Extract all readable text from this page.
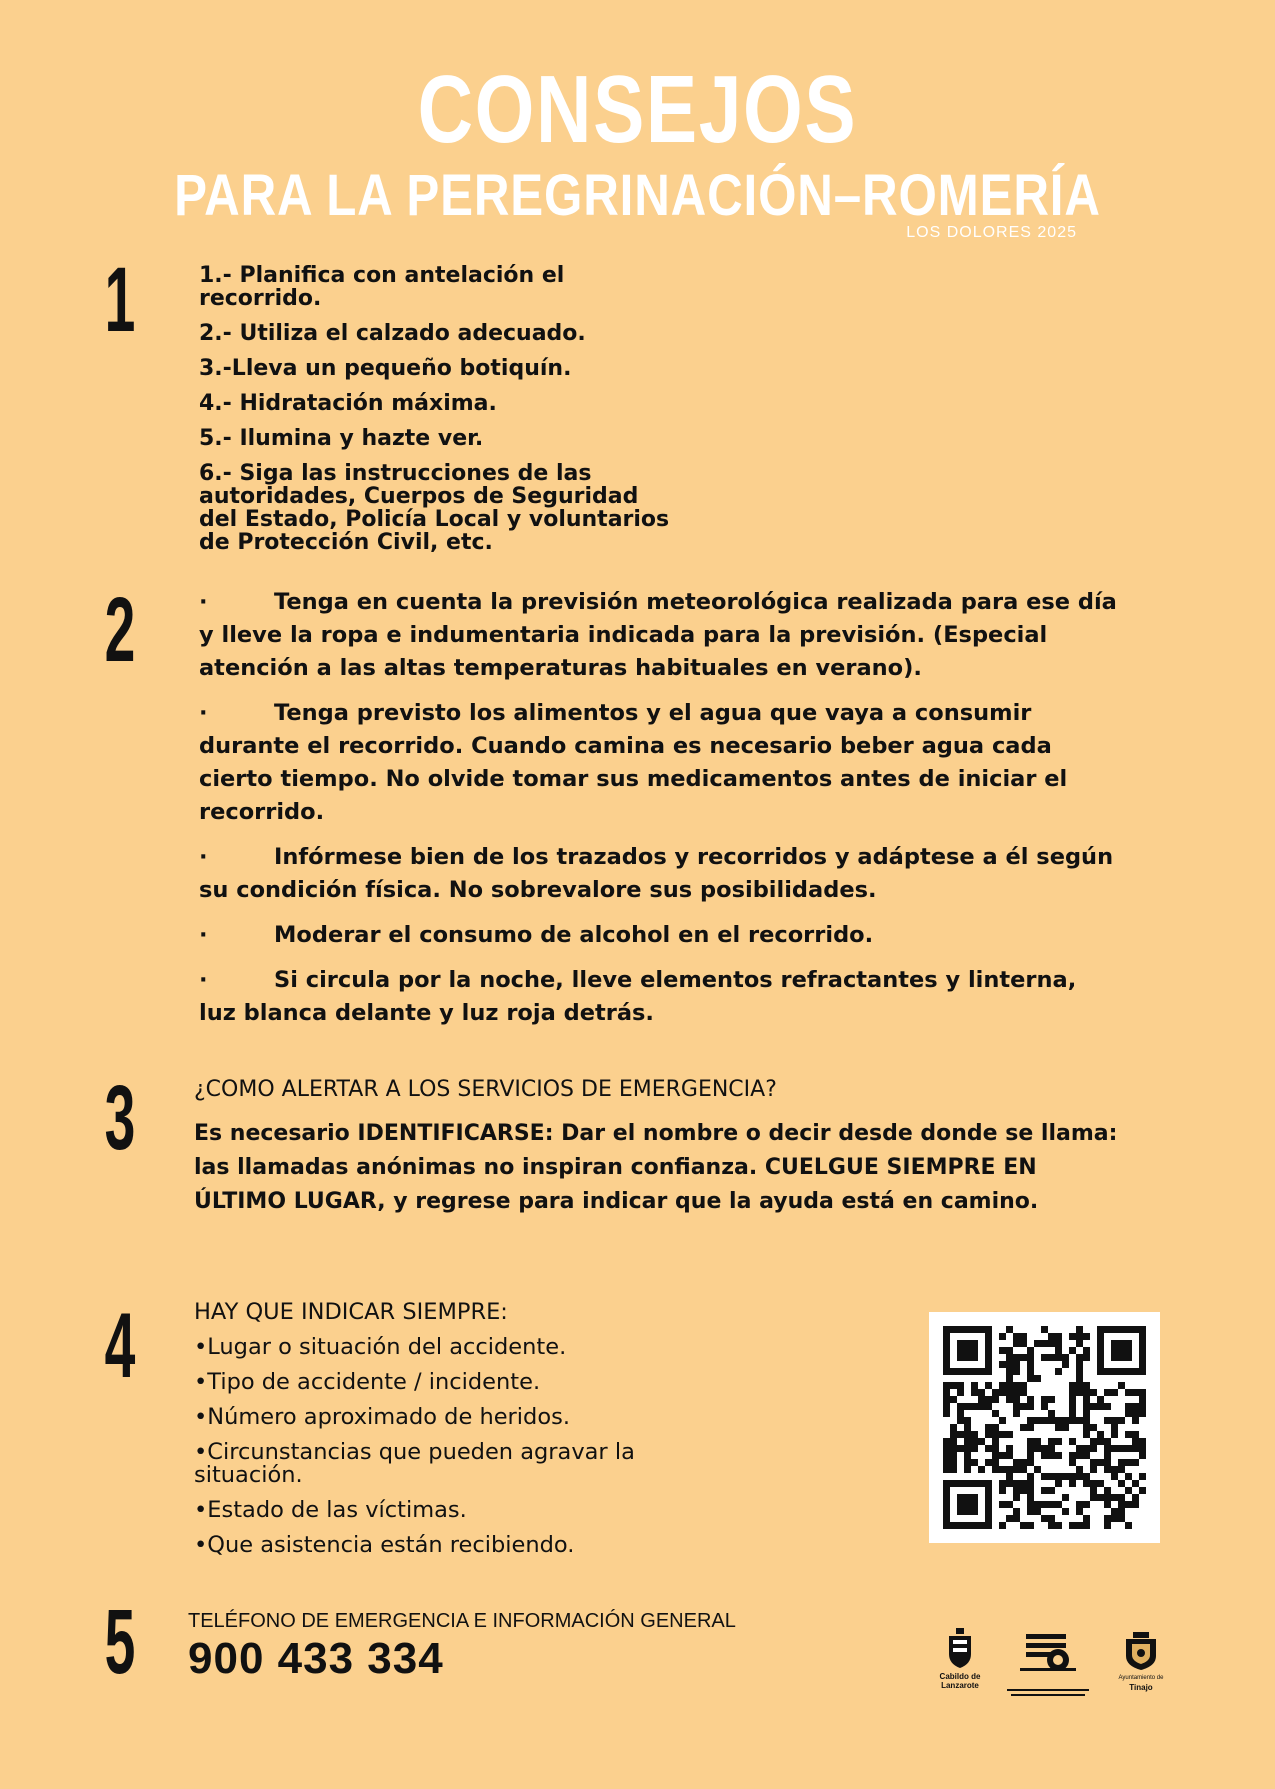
CONSEJOS
PARA LA PEREGRINACIÓN–ROMERÍA
LOS DOLORES 2025
1	1.- Planifica con antelación el recorrido.
2.- Utiliza el calzado adecuado.
3.-Lleva un pequeño botiquín.
4.- Hidratación máxima.
5.- Ilumina y hazte ver.
6.- Siga las instrucciones de las autoridades, Cuerpos de Seguridad del Estado, Policía Local y voluntarios de Protección Civil, etc.
2	·	Tenga en cuenta la previsión meteorológica realizada para ese día y lleve la ropa e indumentaria indicada para la previsión. (Especial atención a las altas temperaturas habituales en verano).

·	Tenga previsto los alimentos y el agua que vaya a consumir durante el recorrido. Cuando camina es necesario beber agua cada cierto tiempo. No olvide tomar sus medicamentos antes de iniciar el recorrido.

·	Infórmese bien de los trazados y recorridos y adáptese a él según su condición física. No sobrevalore sus posibilidades.

·	Moderar el consumo de alcohol en el recorrido.

·	Si circula por la noche, lleve elementos refractantes y linterna, luz blanca delante y luz roja detrás.

3	¿COMO ALERTAR A LOS SERVICIOS DE EMERGENCIA?
Es necesario IDENTIFICARSE: Dar el nombre o decir desde donde se llama: las llamadas anónimas no inspiran confianza. CUELGUE SIEMPRE EN ÚLTIMO LUGAR, y regrese para indicar que la ayuda está en camino.
4	HAY QUE INDICAR SIEMPRE:
•Lugar o situación del accidente.
•Tipo de accidente / incidente.
•Número aproximado de heridos.
•Circunstancias que pueden agravar la situación.
•Estado de las víctimas.
•Que asistencia están recibiendo.
5	TELÉFONO DE EMERGENCIA E INFORMACIÓN GENERAL
900 433 334	Cabildo de
Lanzarote
Ayuntamiento de
Tinajo
